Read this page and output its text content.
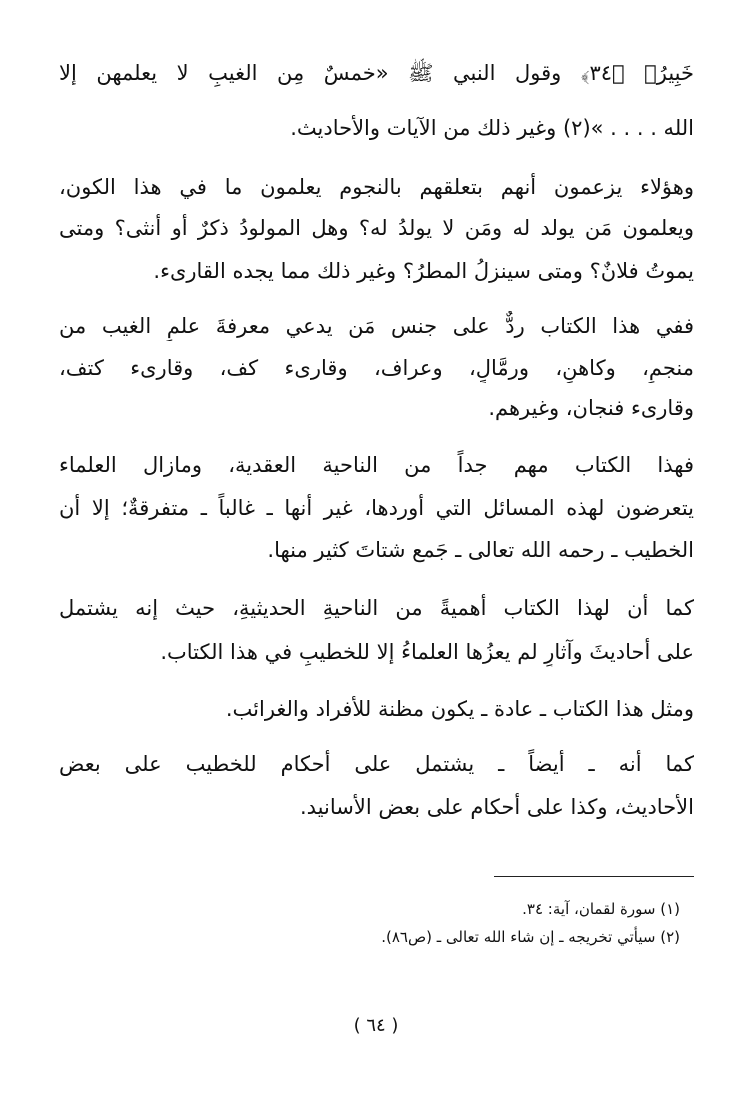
خَبِيرُۢ ﴿٣٤﴾ وقول النبي ﷺ «خمسٌ مِن الغيبِ لا يعلمهن إلا
الله . . . . »(٢) وغير ذلك من الآيات والأحاديث.
وهؤلاء يزعمون أنهم بتعلقهم بالنجوم يعلمون ما في هذا الكون،
ويعلمون مَن يولد له ومَن لا يولدُ له؟ وهل المولودُ ذكرٌ أو أنثى؟ ومتى
يموتُ فلانٌ؟ ومتى سينزلُ المطرُ؟ وغير ذلك مما يجده القارىء.
ففي هذا الكتاب ردٌّ على جنس مَن يدعي معرفةَ علمِ الغيب من
منجمٍ، وكاهنٍ، ورمَّالٍ، وعراف، وقارىء كف، وقارىء كتف،
وقارىء فنجان، وغيرهم.
فهذا الكتاب مهم جداً من الناحية العقدية، ومازال العلماء
يتعرضون لهذه المسائل التي أوردها، غير أنها ـ غالباً ـ متفرقةٌ؛ إلا أن
الخطيب ـ رحمه الله تعالى ـ جَمع شتاتَ كثير منها.
كما أن لهذا الكتاب أهميةً من الناحيةِ الحديثيةِ، حيث إنه يشتمل
على أحاديثَ وآثارٍ لم يعزُها العلماءُ إلا للخطيبِ في هذا الكتاب.
ومثل هذا الكتاب ـ عادة ـ يكون مظنة للأفراد والغرائب.
كما أنه ـ أيضاً ـ يشتمل على أحكام للخطيب على بعض
الأحاديث، وكذا على أحكام على بعض الأسانيد.
(١) سورة لقمان، آية: ٣٤.
(٢) سيأتي تخريجه ـ إن شاء الله تعالى ـ (ص٨٦).
( ٦٤ )
